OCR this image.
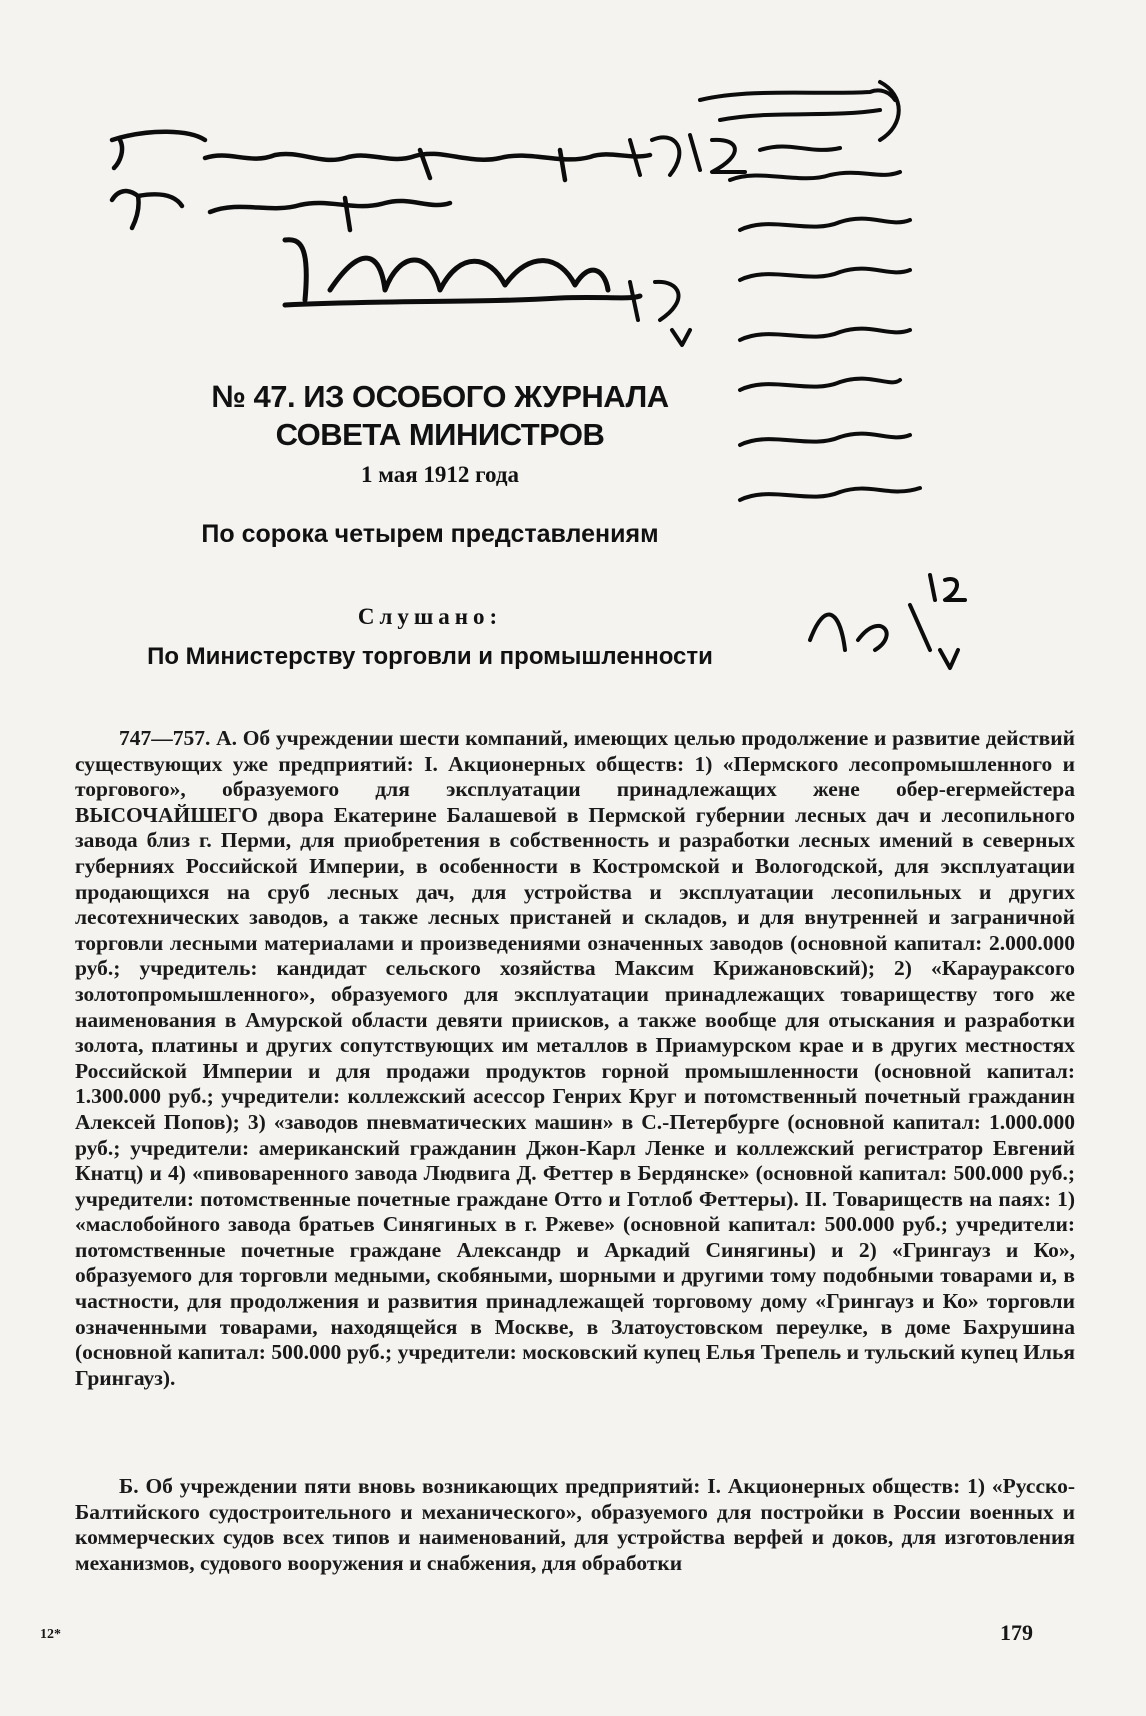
№ 47. ИЗ ОСОБОГО ЖУРНАЛА
СОВЕТА МИНИСТРОВ
1 мая 1912 года
По сорока четырем представлениям
Слушано:
По Министерству торговли и промышленности

747—757. А. Об учреждении шести компаний, имеющих целью продолжение и развитие действий существующих уже предприятий: I. Акционерных обществ: 1) «Пермского лесопромышленного и торгового», образуемого для эксплуатации принадлежащих жене обер-егермейстера ВЫСОЧАЙШЕГО двора Екатерине Балашевой в Пермской губернии лесных дач и лесопильного завода близ г. Перми, для приобретения в собственность и разработки лесных имений в северных губерниях Российской Империи, в особенности в Костромской и Вологодской, для эксплуатации продающихся на сруб лесных дач, для устройства и эксплуатации лесопильных и других лесотехнических заводов, а также лесных пристаней и складов, и для внутренней и заграничной торговли лесными материалами и произведениями означенных заводов (основной капитал: 2.000.000 руб.; учредитель: кандидат сельского хозяйства Максим Крижановский); 2) «Караураксого золотопромышленного», образуемого для эксплуатации принадлежащих товариществу того же наименования в Амурской области девяти приисков, а также вообще для отыскания и разработки золота, платины и других сопутствующих им металлов в Приамурском крае и в других местностях Российской Империи и для продажи продуктов горной промышленности (основной капитал: 1.300.000 руб.; учредители: коллежский асессор Генрих Круг и потомственный почетный гражданин Алексей Попов); 3) «заводов пневматических машин» в С.-Петербурге (основной капитал: 1.000.000 руб.; учредители: американский гражданин Джон-Карл Ленке и коллежский регистратор Евгений Кнатц) и 4) «пивоваренного завода Людвига Д. Феттер в Бердянске» (основной капитал: 500.000 руб.; учредители: потомственные почетные граждане Отто и Готлоб Феттеры). II. Товариществ на паях: 1) «маслобойного завода братьев Синягиных в г. Ржеве» (основной капитал: 500.000 руб.; учредители: потомственные почетные граждане Александр и Аркадий Синягины) и 2) «Грингауз и Ко», образуемого для торговли медными, скобяными, шорными и другими тому подобными товарами и, в частности, для продолжения и развития принадлежащей торговому дому «Грингауз и Ко» торговли означенными товарами, находящейся в Москве, в Златоустовском переулке, в доме Бахрушина (основной капитал: 500.000 руб.; учредители: московский купец Елья Трепель и тульский купец Илья Грингауз).

Б. Об учреждении пяти вновь возникающих предприятий: I. Акционерных обществ: 1) «Русско-Балтийского судостроительного и механического», образуемого для постройки в России военных и коммерческих судов всех типов и наименований, для устройства верфей и доков, для изготовления механизмов, судового вооружения и снабжения, для обработки

12*	179
